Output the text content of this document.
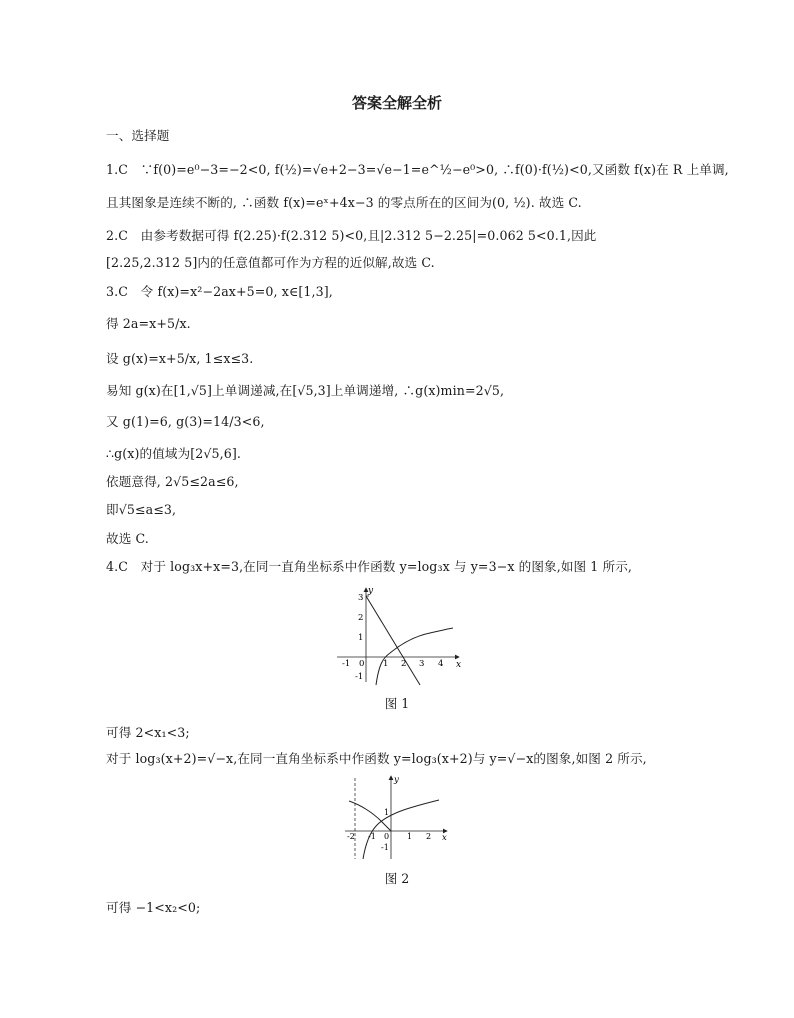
答案全解全析
一、选择题
1.C　∵f(0)=e⁰−3=−2<0, f(½)=√e+2−3=√e−1=e^½−e⁰>0, ∴f(0)·f(½)<0,又函数 f(x)在 R 上单调,
且其图象是连续不断的, ∴函数 f(x)=eˣ+4x−3 的零点所在的区间为(0, ½). 故选 C.
2.C　由参考数据可得 f(2.25)·f(2.312 5)<0,且|2.312 5−2.25|=0.062 5<0.1,因此
[2.25,2.312 5]内的任意值都可作为方程的近似解,故选 C.
3.C　令 f(x)=x²−2ax+5=0, x∈[1,3],
得 2a=x+5/x.
设 g(x)=x+5/x, 1≤x≤3.
易知 g(x)在[1,√5]上单调递减,在[√5,3]上单调递增, ∴g(x)min=2√5,
又 g(1)=6, g(3)=14/3<6,
∴g(x)的值域为[2√5,6].
依题意得, 2√5≤2a≤6,
即√5≤a≤3,
故选 C.
4.C　对于 log₃x+x=3,在同一直角坐标系中作函数 y=log₃x 与 y=3−x 的图象,如图 1 所示,
y
x
3
2
1
-1
-1 0 1 2 3 4
图 1
可得 2<x₁<3;
对于 log₃(x+2)=√−x,在同一直角坐标系中作函数 y=log₃(x+2)与 y=√−x的图象,如图 2 所示,
y
x
1
-1
-2 -1 0 1 2
图 2
可得 −1<x₂<0;
